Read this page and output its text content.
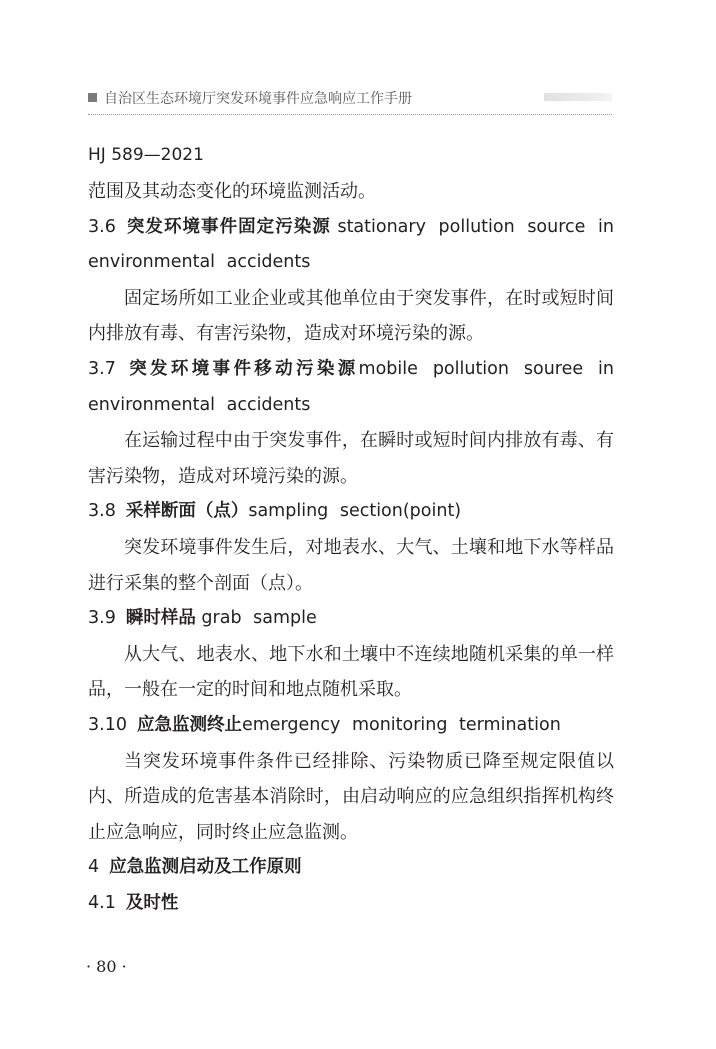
自治区生态环境厅突发环境事件应急响应工作手册
HJ 589—2021

范围及其动态变化的环境监测活动。

3.6 突发环境事件固定污染源 stationary pollution source in environmental accidents

固定场所如工业企业或其他单位由于突发事件，在时或短时间内排放有毒、有害污染物，造成对环境污染的源。

3.7 突发环境事件移动污染源mobile pollution souree in environmental accidents

在运输过程中由于突发事件，在瞬时或短时间内排放有毒、有害污染物，造成对环境污染的源。

3.8 采样断面（点）sampling section(point)

突发环境事件发生后，对地表水、大气、土壤和地下水等样品进行采集的整个剖面（点）。

3.9 瞬时样品 grab sample

从大气、地表水、地下水和土壤中不连续地随机采集的单一样品，一般在一定的时间和地点随机采取。

3.10 应急监测终止emergency monitoring termination

当突发环境事件条件已经排除、污染物质已降至规定限值以内、所造成的危害基本消除时，由启动响应的应急组织指挥机构终止应急响应，同时终止应急监测。

4 应急监测启动及工作原则

4.1 及时性

· 80 ·
